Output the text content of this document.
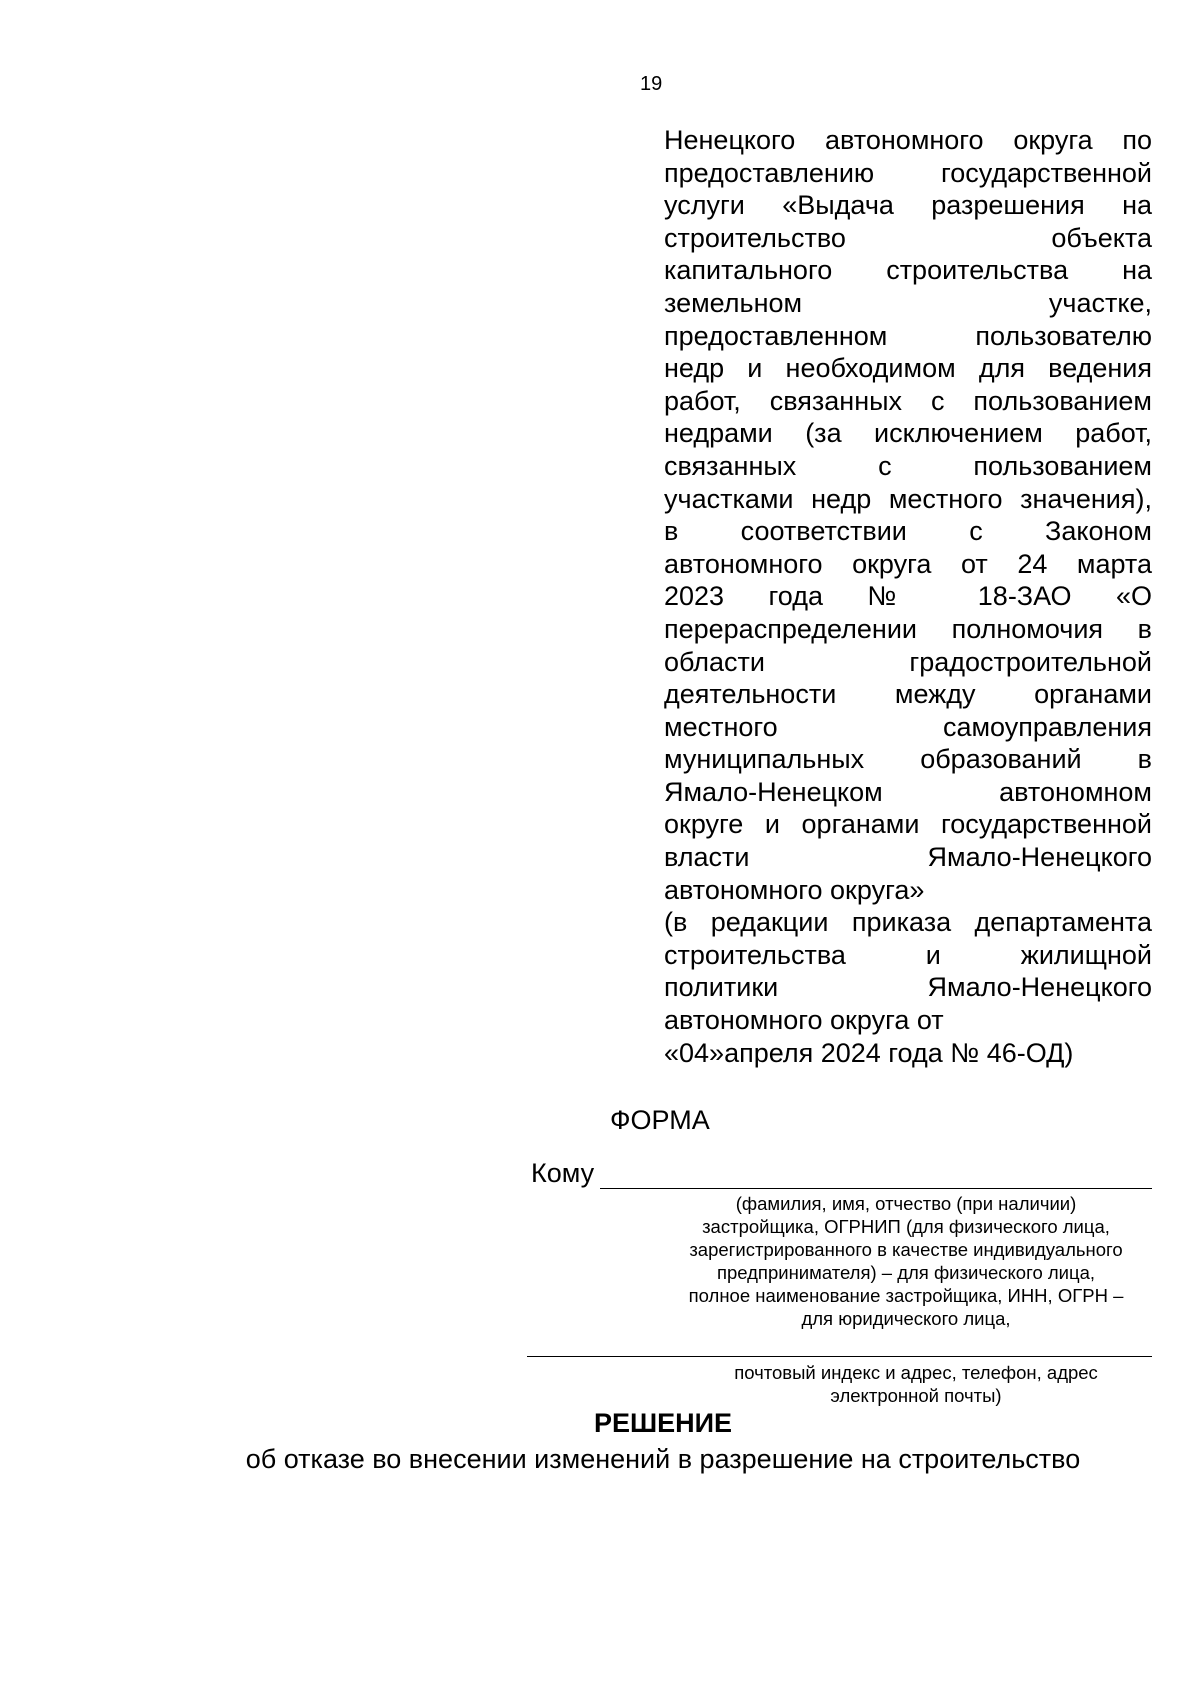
19
Ненецкого автономного округа по
предоставлению государственной
услуги «Выдача разрешения на
строительство объекта
капитального строительства на
земельном участке,
предоставленном пользователю
недр и необходимом для ведения
работ, связанных с пользованием
недрами (за исключением работ,
связанных с пользованием
участками недр местного значения),
в соответствии с Законом
автономного округа от 24 марта
2023 года № 18-ЗАО «О
перераспределении полномочия в
области градостроительной
деятельности между органами
местного самоуправления
муниципальных образований в
Ямало-Ненецком автономном
округе и органами государственной
власти Ямало-Ненецкого
автономного округа»
(в редакции приказа департамента
строительства и жилищной
политики Ямало-Ненецкого
автономного округа от
«04»апреля 2024 года № 46-ОД)
ФОРМА
Кому
(фамилия, имя, отчество (при наличии)
застройщика, ОГРНИП (для физического лица,
зарегистрированного в качестве индивидуального
предпринимателя) – для физического лица,
полное наименование застройщика, ИНН, ОГРН –
для юридического лица,
почтовый индекс и адрес, телефон, адрес
электронной почты)
РЕШЕНИЕ
об отказе во внесении изменений в разрешение на строительство
